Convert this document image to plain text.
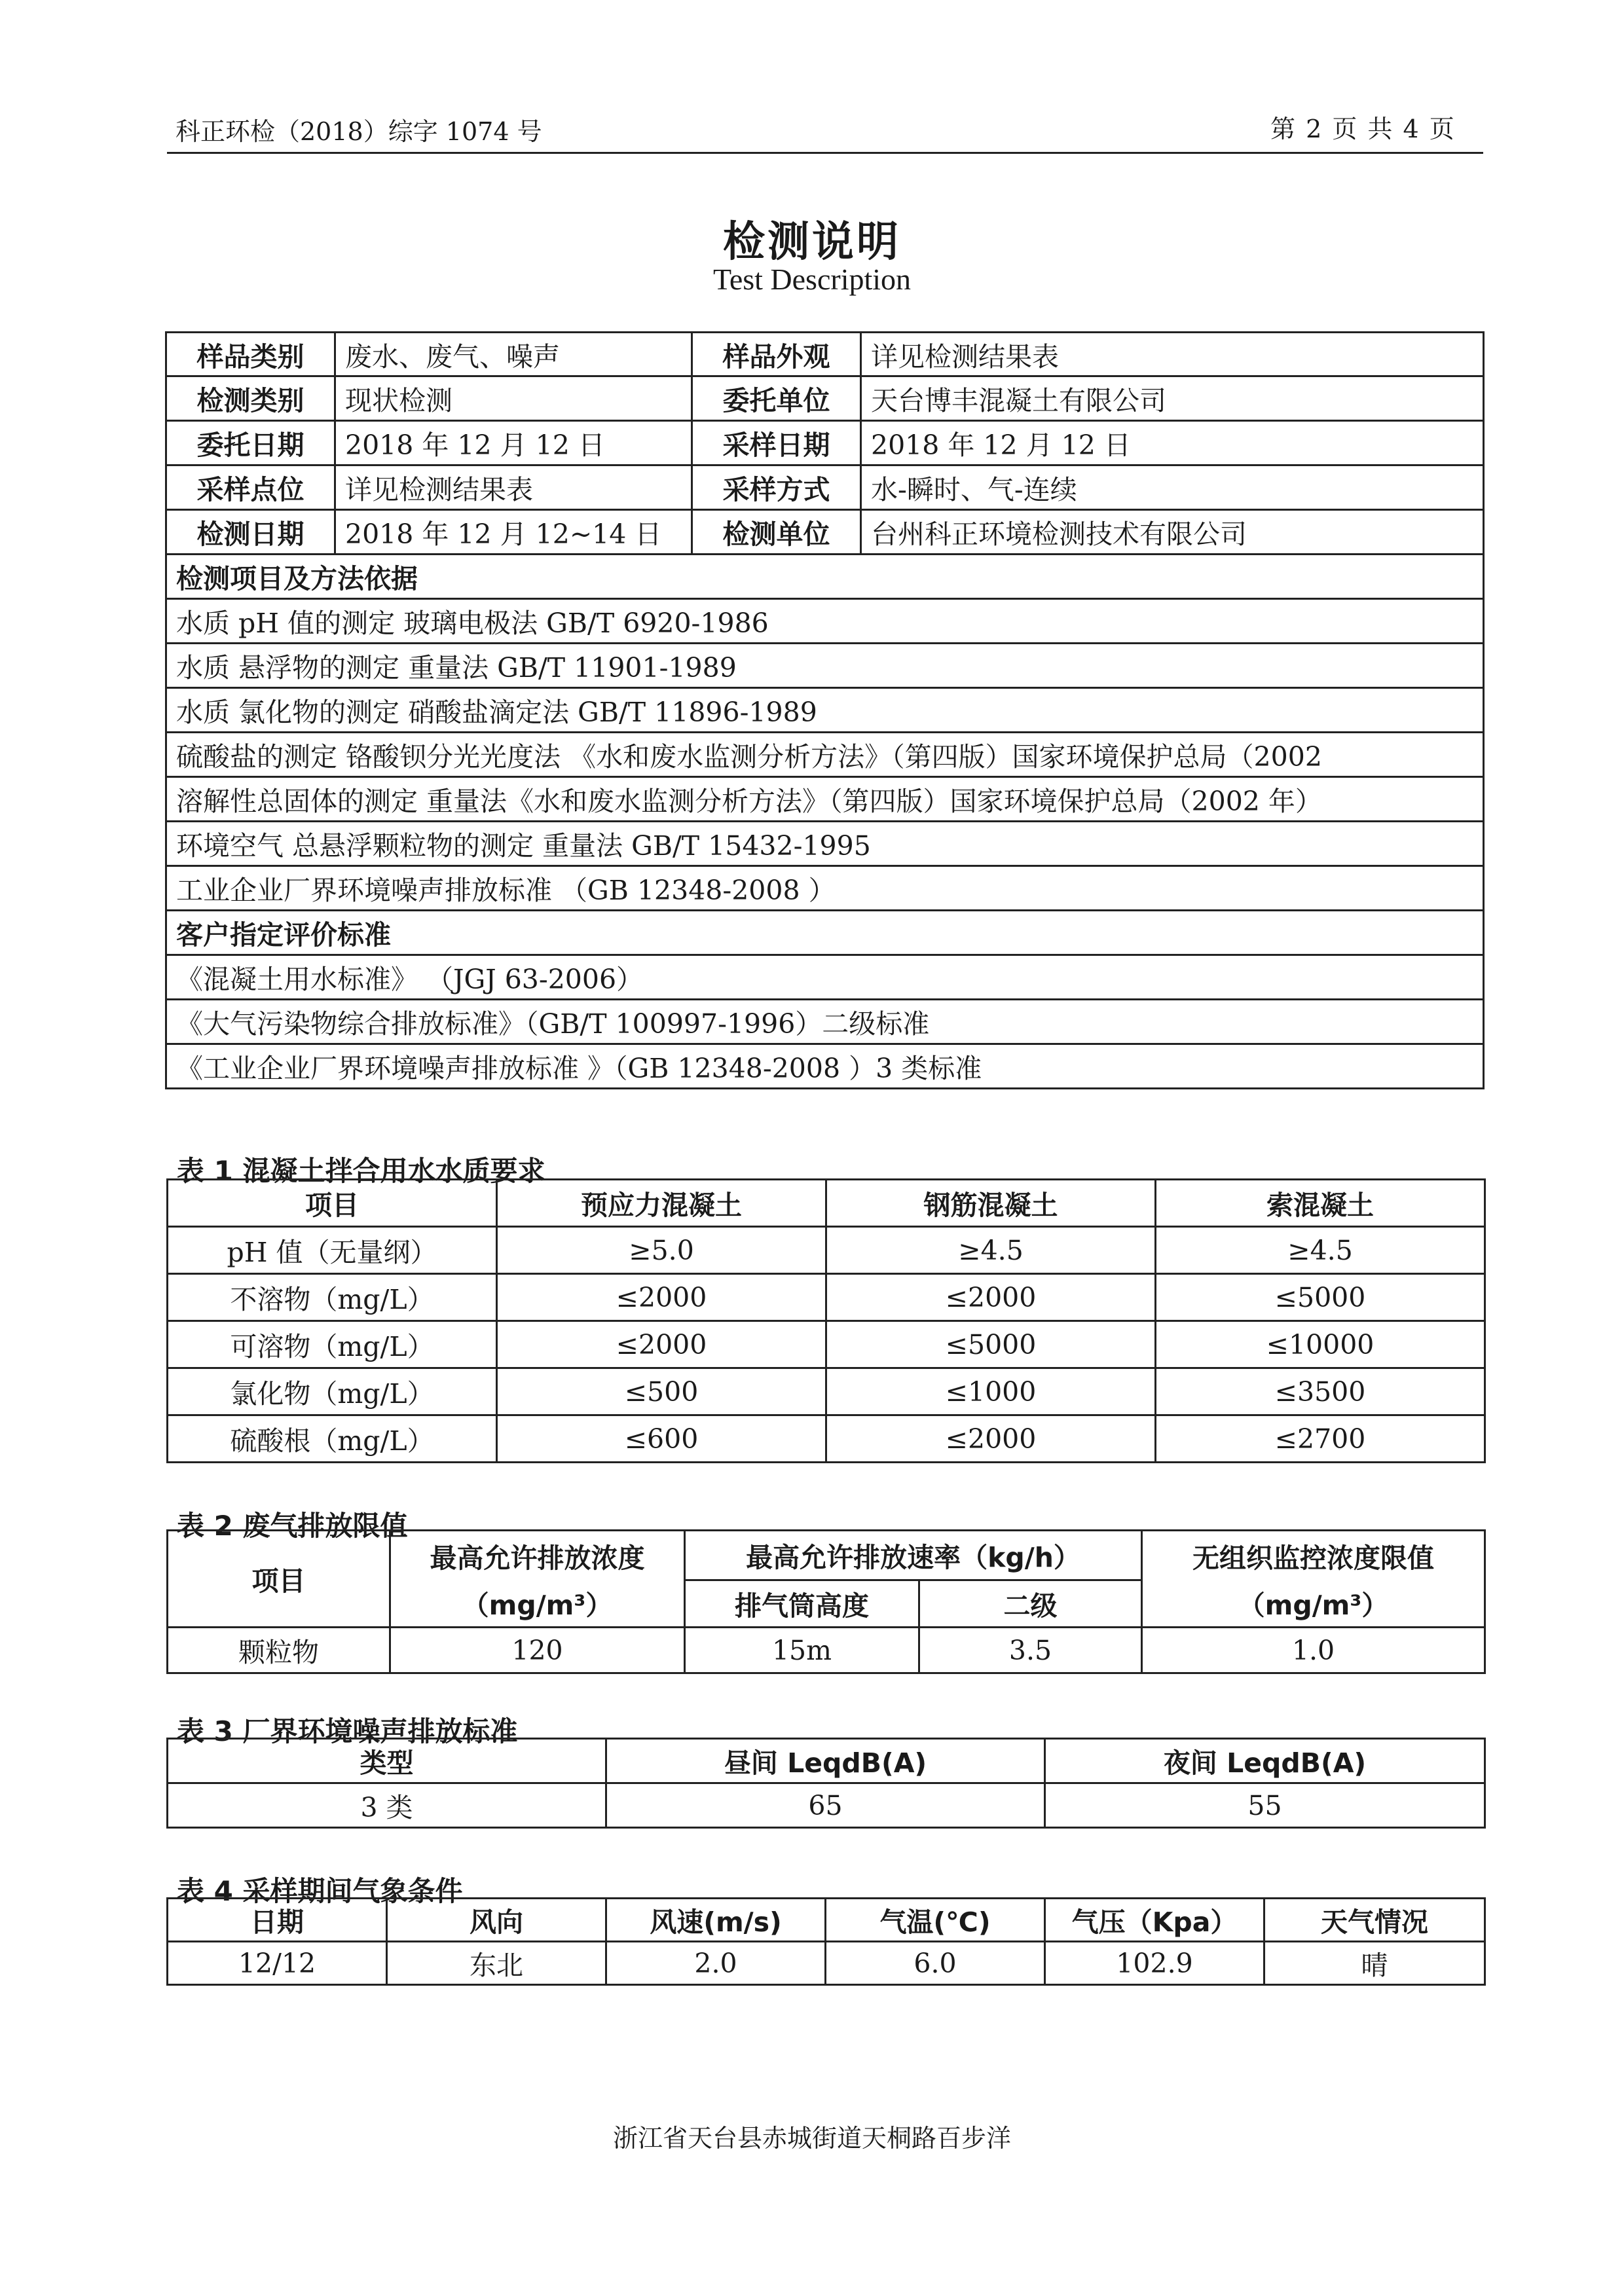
科正环检（2018）综字 1074 号	第 2 页 共 4 页
检测说明
Test Description
样品类别	废水、废气、噪声	样品外观	详见检测结果表
检测类别	现状检测	委托单位	天台博丰混凝土有限公司
委托日期	2018 年 12 月 12 日	采样日期	2018 年 12 月 12 日
采样点位	详见检测结果表	采样方式	水-瞬时、气-连续
检测日期	2018 年 12 月 12~14 日	检测单位	台州科正环境检测技术有限公司
检测项目及方法依据			
水质 pH 值的测定 玻璃电极法 GB/T 6920-1986			
水质 悬浮物的测定 重量法 GB/T 11901-1989			
水质 氯化物的测定 硝酸盐滴定法 GB/T 11896-1989			
硫酸盐的测定 铬酸钡分光光度法 《水和废水监测分析方法》（第四版）国家环境保护总局（2002			
溶解性总固体的测定 重量法《水和废水监测分析方法》（第四版）国家环境保护总局（2002 年）			
环境空气 总悬浮颗粒物的测定 重量法 GB/T 15432-1995			
工业企业厂界环境噪声排放标准 （GB 12348-2008 ）			
客户指定评价标准			
《混凝土用水标准》 （JGJ 63-2006）			
《大气污染物综合排放标准》（GB/T 100997-1996）二级标准			
《工业企业厂界环境噪声排放标准 》（GB 12348-2008 ）3 类标准			
表 1 混凝土拌合用水水质要求
项目	预应力混凝土	钢筋混凝土	索混凝土
pH 值（无量纲）	≥5.0	≥4.5	≥4.5
不溶物（mg/L）	≤2000	≤2000	≤5000
可溶物（mg/L）	≤2000	≤5000	≤10000
氯化物（mg/L）	≤500	≤1000	≤3500
硫酸根（mg/L）	≤600	≤2000	≤2700
表 2 废气排放限值
项目	最高允许排放浓度	最高允许排放速率（kg/h）		无组织监控浓度限值
	（mg/m³）	排气筒高度	二级	（mg/m³）
颗粒物	120	15m	3.5	1.0
表 3 厂界环境噪声排放标准
类型	昼间 LeqdB(A)	夜间 LeqdB(A)
3 类	65	55
表 4 采样期间气象条件
日期	风向	风速(m/s)	气温(℃)	气压（Kpa）	天气情况
12/12	东北	2.0	6.0	102.9	晴
浙江省天台县赤城街道天桐路百步洋
